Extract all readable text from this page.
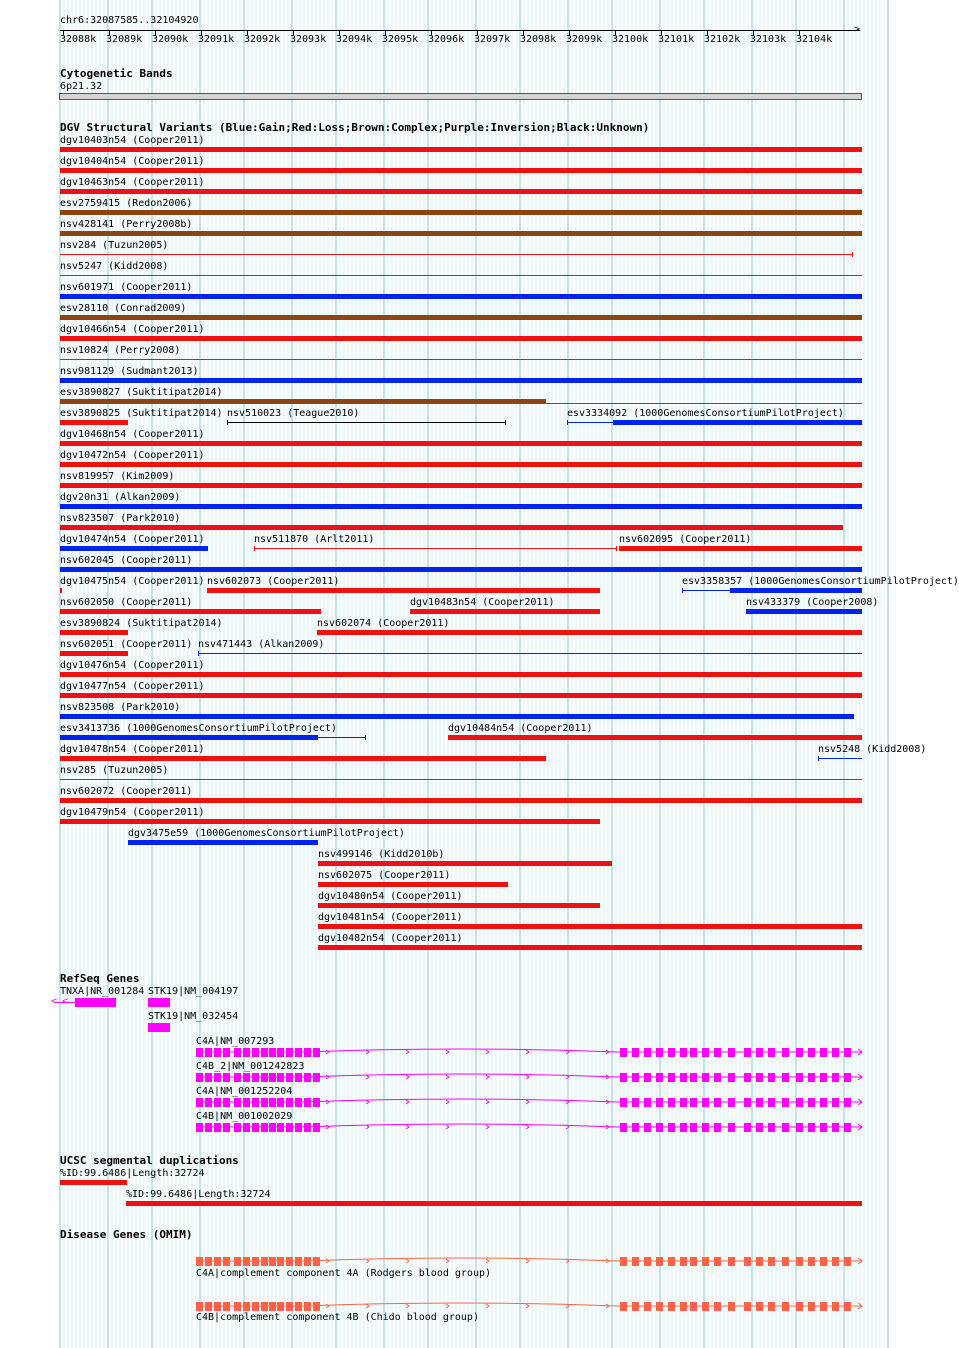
chr6:32087585..32104920
>
32088k 32089k 32090k 32091k 32092k 32093k 32094k 32095k 32096k 32097k 32098k 32099k 32100k 32101k 32102k 32103k 32104k
Cytogenetic Bands
6p21.32
DGV Structural Variants (Blue:Gain;Red:Loss;Brown:Complex;Purple:Inversion;Black:Unknown)
dgv10403n54 (Cooper2011)
dgv10404n54 (Cooper2011)
dgv10463n54 (Cooper2011)
esv2759415 (Redon2006)
nsv428141 (Perry2008b)
nsv284 (Tuzun2005)
nsv5247 (Kidd2008)
nsv601971 (Cooper2011)
esv28110 (Conrad2009)
dgv10466n54 (Cooper2011)
nsv10824 (Perry2008)
nsv981129 (Sudmant2013)
esv3890827 (Suktitipat2014)
esv3890825 (Suktitipat2014) nsv510023 (Teague2010)	esv3334092 (1000GenomesConsortiumPilotProject)
dgv10468n54 (Cooper2011)
dgv10472n54 (Cooper2011)
nsv819957 (Kim2009)
dgv20n31 (Alkan2009)
nsv823507 (Park2010)
dgv10474n54 (Cooper2011)	nsv511870 (Arlt2011)	nsv602095 (Cooper2011)
nsv602045 (Cooper2011)
dgv10475n54 (Cooper2011) nsv602073 (Cooper2011)	esv3358357 (1000GenomesConsortiumPilotProject)
nsv602050 (Cooper2011)	dgv10483n54 (Cooper2011)	nsv433379 (Cooper2008)
esv3890824 (Suktitipat2014)	nsv602074 (Cooper2011)
nsv602051 (Cooper2011) nsv471443 (Alkan2009)
dgv10476n54 (Cooper2011)
dgv10477n54 (Cooper2011)
nsv823508 (Park2010)
esv3413736 (1000GenomesConsortiumPilotProject)	dgv10484n54 (Cooper2011)
dgv10478n54 (Cooper2011)	nsv5248 (Kidd2008)
nsv285 (Tuzun2005)
nsv602072 (Cooper2011)
dgv10479n54 (Cooper2011)
dgv3475e59 (1000GenomesConsortiumPilotProject)
nsv499146 (Kidd2010b)
nsv602075 (Cooper2011)
dgv10480n54 (Cooper2011)
dgv10481n54 (Cooper2011)
dgv10482n54 (Cooper2011)
RefSeq Genes
TNXA|NR_001284
< <
STK19|NM_004197
STK19|NM_032454
C4A|NM_007293
C4B_2|NM_001242823
C4A|NM_001252204
C4B|NM_001002029
UCSC segmental duplications
%ID:99.6486|Length:32724
%ID:99.6486|Length:32724
Disease Genes (OMIM)
C4A|complement component 4A (Rodgers blood group)
C4B|complement component 4B (Chido blood group)
